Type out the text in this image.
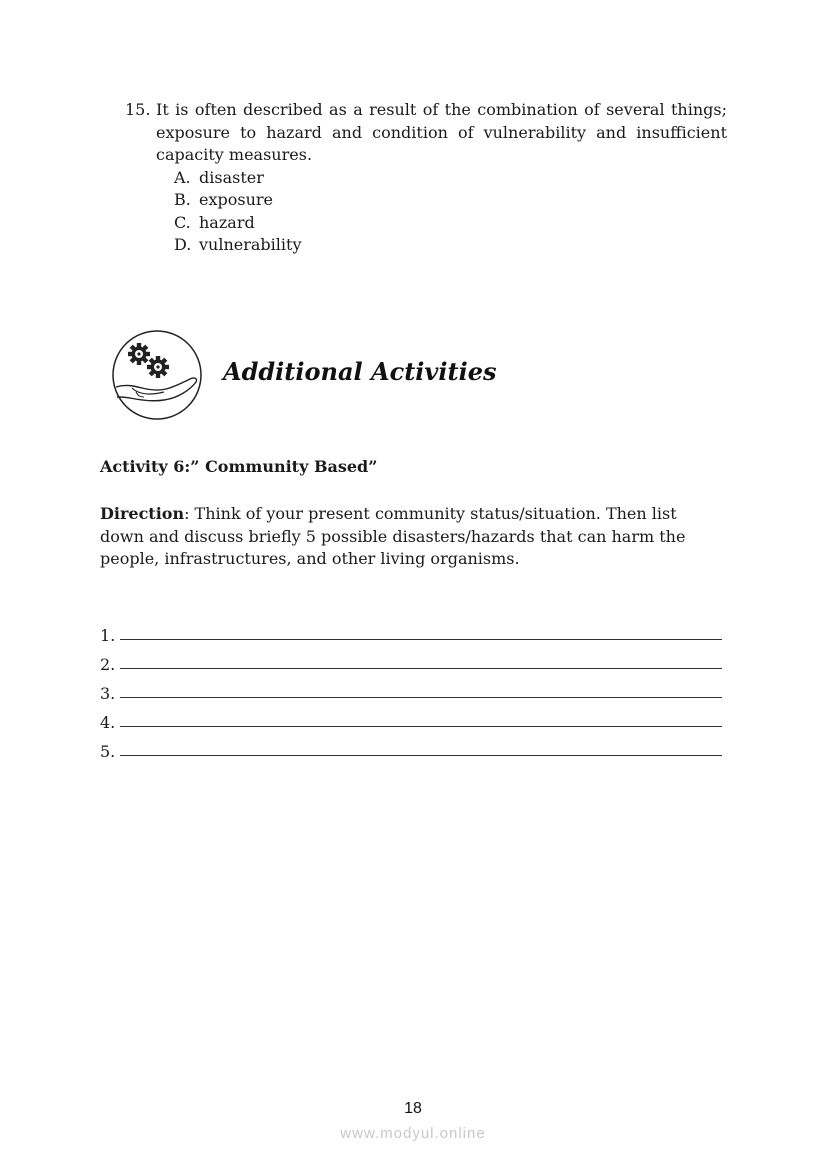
15. It is often described as a result of the combination of several things; exposure to hazard and condition of vulnerability and insufficient capacity measures.
A. disaster
B. exposure
C. hazard
D. vulnerability
Additional Activities
Activity 6:” Community Based”
Direction: Think of your present community status/situation. Then list down and discuss briefly 5 possible disasters/hazards that can harm the people, infrastructures, and other living organisms.
1.
2.
3.
4.
5.
18
www.modyul.online
